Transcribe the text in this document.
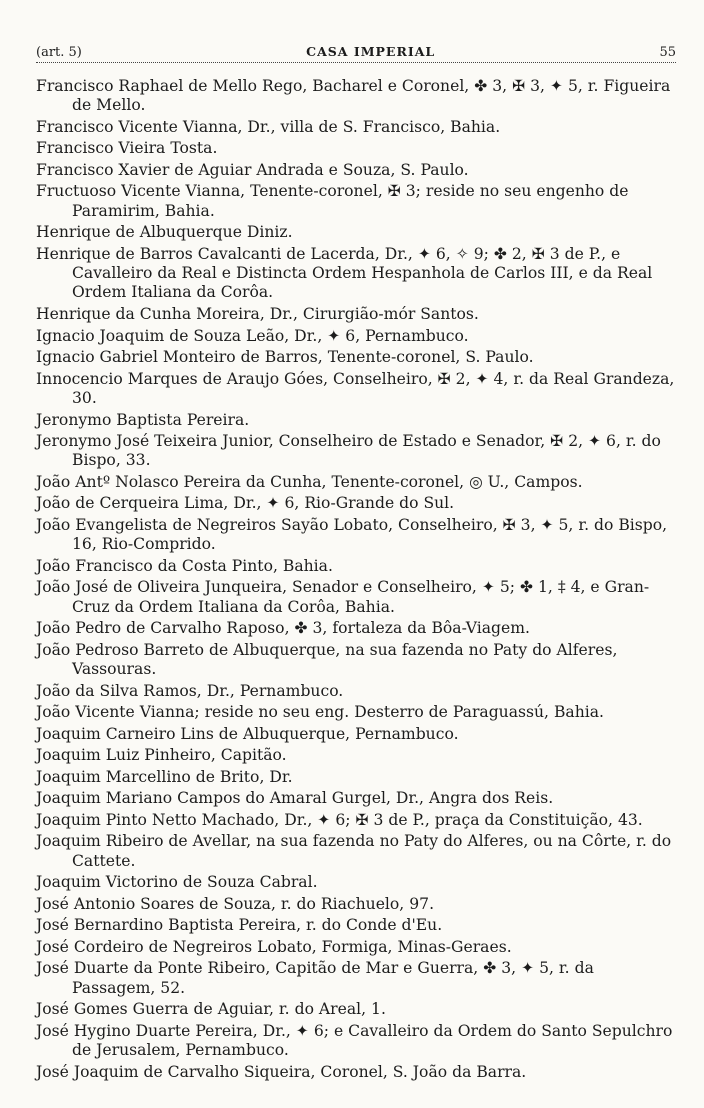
(art. 5)	CASA IMPERIAL	55

Francisco Raphael de Mello Rego, Bacharel e Coronel, ✤ 3, ✠ 3, ✦ 5, r. Figueira de Mello.

Francisco Vicente Vianna, Dr., villa de S. Francisco, Bahia.

Francisco Vieira Tosta.

Francisco Xavier de Aguiar Andrada e Souza, S. Paulo.

Fructuoso Vicente Vianna, Tenente-coronel, ✠ 3; reside no seu engenho de Paramirim, Bahia.

Henrique de Albuquerque Diniz.

Henrique de Barros Cavalcanti de Lacerda, Dr., ✦ 6, ✧ 9; ✤ 2, ✠ 3 de P., e Cavalleiro da Real e Distincta Ordem Hespanhola de Carlos III, e da Real Ordem Italiana da Corôa.

Henrique da Cunha Moreira, Dr., Cirurgião-mór Santos.

Ignacio Joaquim de Souza Leão, Dr., ✦ 6, Pernambuco.

Ignacio Gabriel Monteiro de Barros, Tenente-coronel, S. Paulo.

Innocencio Marques de Araujo Góes, Conselheiro, ✠ 2, ✦ 4, r. da Real Grandeza, 30.

Jeronymo Baptista Pereira.

Jeronymo José Teixeira Junior, Conselheiro de Estado e Senador, ✠ 2, ✦ 6, r. do Bispo, 33.

João Antº Nolasco Pereira da Cunha, Tenente-coronel, ◎ U., Campos.

João de Cerqueira Lima, Dr., ✦ 6, Rio-Grande do Sul.

João Evangelista de Negreiros Sayão Lobato, Conselheiro, ✠ 3, ✦ 5, r. do Bispo, 16, Rio-Comprido.

João Francisco da Costa Pinto, Bahia.

João José de Oliveira Junqueira, Senador e Conselheiro, ✦ 5; ✤ 1, ‡ 4, e Gran-Cruz da Ordem Italiana da Corôa, Bahia.

João Pedro de Carvalho Raposo, ✤ 3, fortaleza da Bôa-Viagem.

João Pedroso Barreto de Albuquerque, na sua fazenda no Paty do Alferes, Vassouras.

João da Silva Ramos, Dr., Pernambuco.

João Vicente Vianna; reside no seu eng. Desterro de Paraguassú, Bahia.

Joaquim Carneiro Lins de Albuquerque, Pernambuco.

Joaquim Luiz Pinheiro, Capitão.

Joaquim Marcellino de Brito, Dr.

Joaquim Mariano Campos do Amaral Gurgel, Dr., Angra dos Reis.

Joaquim Pinto Netto Machado, Dr., ✦ 6; ✠ 3 de P., praça da Constituição, 43.

Joaquim Ribeiro de Avellar, na sua fazenda no Paty do Alferes, ou na Côrte, r. do Cattete.

Joaquim Victorino de Souza Cabral.

José Antonio Soares de Souza, r. do Riachuelo, 97.

José Bernardino Baptista Pereira, r. do Conde d'Eu.

José Cordeiro de Negreiros Lobato, Formiga, Minas-Geraes.

José Duarte da Ponte Ribeiro, Capitão de Mar e Guerra, ✤ 3, ✦ 5, r. da Passagem, 52.

José Gomes Guerra de Aguiar, r. do Areal, 1.

José Hygino Duarte Pereira, Dr., ✦ 6; e Cavalleiro da Ordem do Santo Sepulchro de Jerusalem, Pernambuco.

José Joaquim de Carvalho Siqueira, Coronel, S. João da Barra.
